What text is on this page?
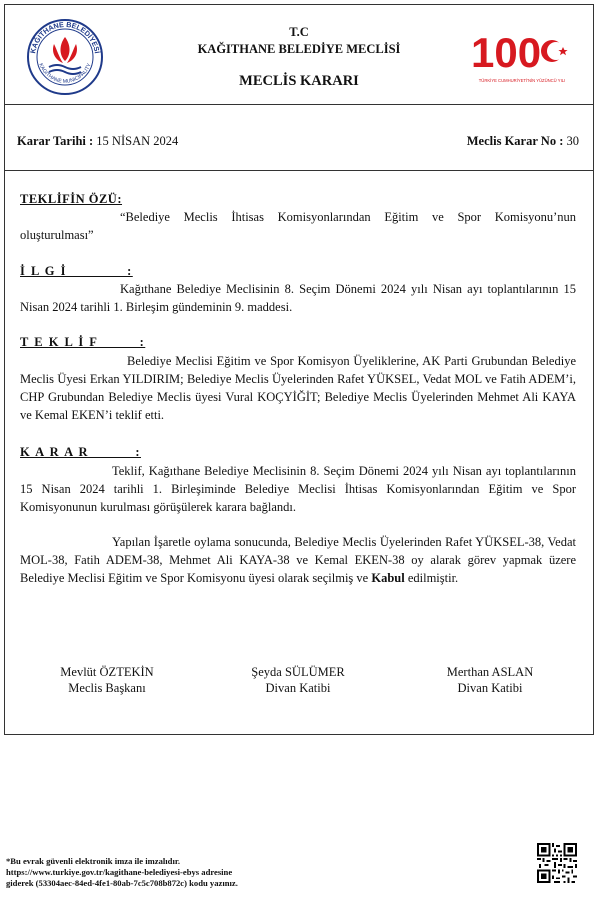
KAĞITHANE BELEDİYESİ
KAGITHANE MUNICIPALITY
T.C
KAĞITHANE BELEDİYE MECLİSİ
MECLİS KARARI
100
TÜRKİYE CUMHURİYETİ'NİN YÜZÜNCÜ YILI
Karar Tarihi : 15 NİSAN 2024	Meclis Karar No : 30
TEKLİFİN ÖZÜ:
“Belediye Meclis İhtisas Komisyonlarından Eğitim ve Spor Komisyonu’nun oluşturulması”
İ L G İ             :
Kağıthane Belediye Meclisinin 8. Seçim Dönemi 2024 yılı Nisan ayı toplantılarının 15 Nisan 2024 tarihli 1. Birleşim gündeminin 9. maddesi.
T E K L İ F         :
Belediye Meclisi Eğitim ve Spor Komisyon Üyeliklerine, AK Parti Grubundan Belediye Meclis Üyesi Erkan YILDIRIM; Belediye Meclis Üyelerinden Rafet YÜKSEL, Vedat MOL ve Fatih ADEM’i, CHP Grubundan Belediye Meclis üyesi Vural KOÇYİĞİT; Belediye Meclis Üyelerinden Mehmet Ali KAYA ve Kemal EKEN’i teklif etti.
K A R A R          :
Teklif, Kağıthane Belediye Meclisinin 8. Seçim Dönemi 2024 yılı Nisan ayı toplantılarının 15 Nisan 2024 tarihli 1. Birleşiminde Belediye Meclisi İhtisas Komisyonlarından Eğitim ve Spor Komisyonunun kurulması görüşülerek karara bağlandı.
Yapılan İşaretle oylama sonucunda, Belediye Meclis Üyelerinden Rafet YÜKSEL-38, Vedat MOL-38, Fatih ADEM-38, Mehmet Ali KAYA-38 ve Kemal EKEN-38 oy alarak görev yapmak üzere Belediye Meclisi Eğitim ve Spor Komisyonu üyesi olarak seçilmiş ve Kabul edilmiştir.
Mevlüt ÖZTEKİN
Meclis Başkanı
Şeyda SÜLÜMER
Divan Katibi
Merthan ASLAN
Divan Katibi
*Bu evrak güvenli elektronik imza ile imzalıdır.
https://www.turkiye.gov.tr/kagithane-belediyesi-ebys adresine
giderek (53304aec-84ed-4fe1-80ab-7c5c708b872c) kodu yazınız.
